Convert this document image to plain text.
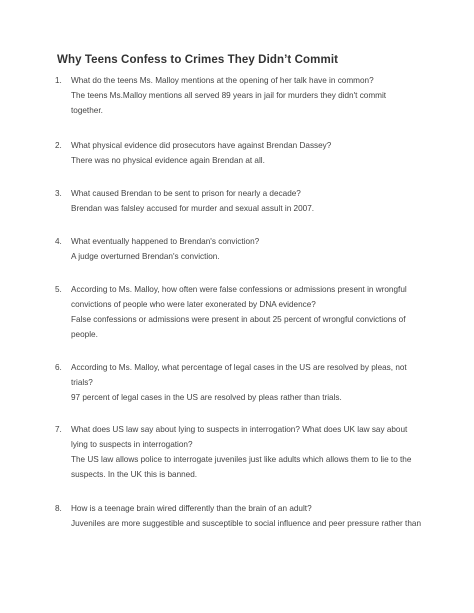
Why Teens Confess to Crimes They Didn’t Commit
1. What do the teens Ms. Malloy mentions at the opening of her talk have in common?
The teens Ms.Malloy mentions all served 89 years in jail for murders they didn't commit
together.
2. What physical evidence did prosecutors have against Brendan Dassey?
There was no physical evidence again Brendan at all.
3. What caused Brendan to be sent to prison for nearly a decade?
Brendan was falsley accused for murder and sexual assult in 2007.
4. What eventually happened to Brendan's conviction?
A judge overturned Brendan's conviction.
5. According to Ms. Malloy, how often were false confessions or admissions present in wrongful
convictions of people who were later exonerated by DNA evidence?
False confessions or admissions were present in about 25 percent of wrongful convictions of
people.
6. According to Ms. Malloy, what percentage of legal cases in the US are resolved by pleas, not
trials?
97 percent of legal cases in the US are resolved by pleas rather than trials.
7. What does US law say about lying to suspects in interrogation? What does UK law say about
lying to suspects in interrogation?
The US law allows police to interrogate juveniles just like adults which allows them to lie to the
suspects. In the UK this is banned.
8. How is a teenage brain wired differently than the brain of an adult?
Juveniles are more suggestible and susceptible to social influence and peer pressure rather than
